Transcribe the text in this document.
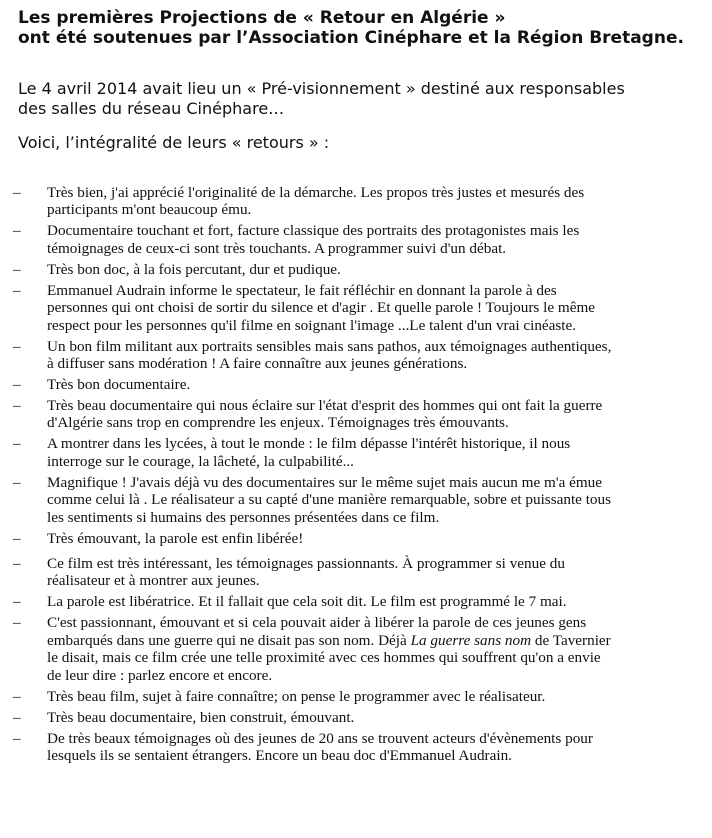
Les premières Projections de « Retour en Algérie »
ont été soutenues par l’Association Cinéphare et la Région Bretagne.
Le 4 avril 2014 avait lieu un « Pré-visionnement » destiné aux responsables
des salles du réseau Cinéphare…
Voici, l’intégralité de leurs « retours » :
– Très bien, j'ai apprécié l'originalité de la démarche. Les propos très justes et mesurés des
participants m'ont beaucoup ému.
– Documentaire touchant et fort, facture classique des portraits des protagonistes mais les
témoignages de ceux-ci sont très touchants. A programmer suivi d'un débat.
– Très bon doc, à la fois percutant, dur et pudique.
– Emmanuel Audrain informe le spectateur, le fait réfléchir en donnant la parole à des
personnes qui ont choisi de sortir du silence et d'agir . Et quelle parole ! Toujours le même
respect pour les personnes qu'il filme en soignant l'image ...Le talent d'un vrai cinéaste.
– Un bon film militant aux portraits sensibles mais sans pathos, aux témoignages authentiques,
à diffuser sans modération ! A faire connaître aux jeunes générations.
– Très bon documentaire.
– Très beau documentaire qui nous éclaire sur l'état d'esprit des hommes qui ont fait la guerre
d'Algérie sans trop en comprendre les enjeux. Témoignages très émouvants.
– A montrer dans les lycées, à tout le monde : le film dépasse l'intérêt historique, il nous
interroge sur le courage, la lâcheté, la culpabilité...
– Magnifique ! J'avais déjà vu des documentaires sur le même sujet mais aucun me m'a émue
comme celui là . Le réalisateur a su capté d'une manière remarquable, sobre et puissante tous
les sentiments si humains des personnes présentées dans ce film.
– Très émouvant, la parole est enfin libérée!
– Ce film est très intéressant, les témoignages passionnants. À programmer si venue du
réalisateur et à montrer aux jeunes.
– La parole est libératrice. Et il fallait que cela soit dit. Le film est programmé le 7 mai.
– C'est passionnant, émouvant et si cela pouvait aider à libérer la parole de ces jeunes gens
embarqués dans une guerre qui ne disait pas son nom. Déjà La guerre sans nom de Tavernier
le disait, mais ce film crée une telle proximité avec ces hommes qui souffrent qu'on a envie
de leur dire : parlez encore et encore.
– Très beau film, sujet à faire connaître; on pense le programmer avec le réalisateur.
– Très beau documentaire, bien construit, émouvant.
– De très beaux témoignages où des jeunes de 20 ans se trouvent acteurs d'évènements pour
lesquels ils se sentaient étrangers. Encore un beau doc d'Emmanuel Audrain.
